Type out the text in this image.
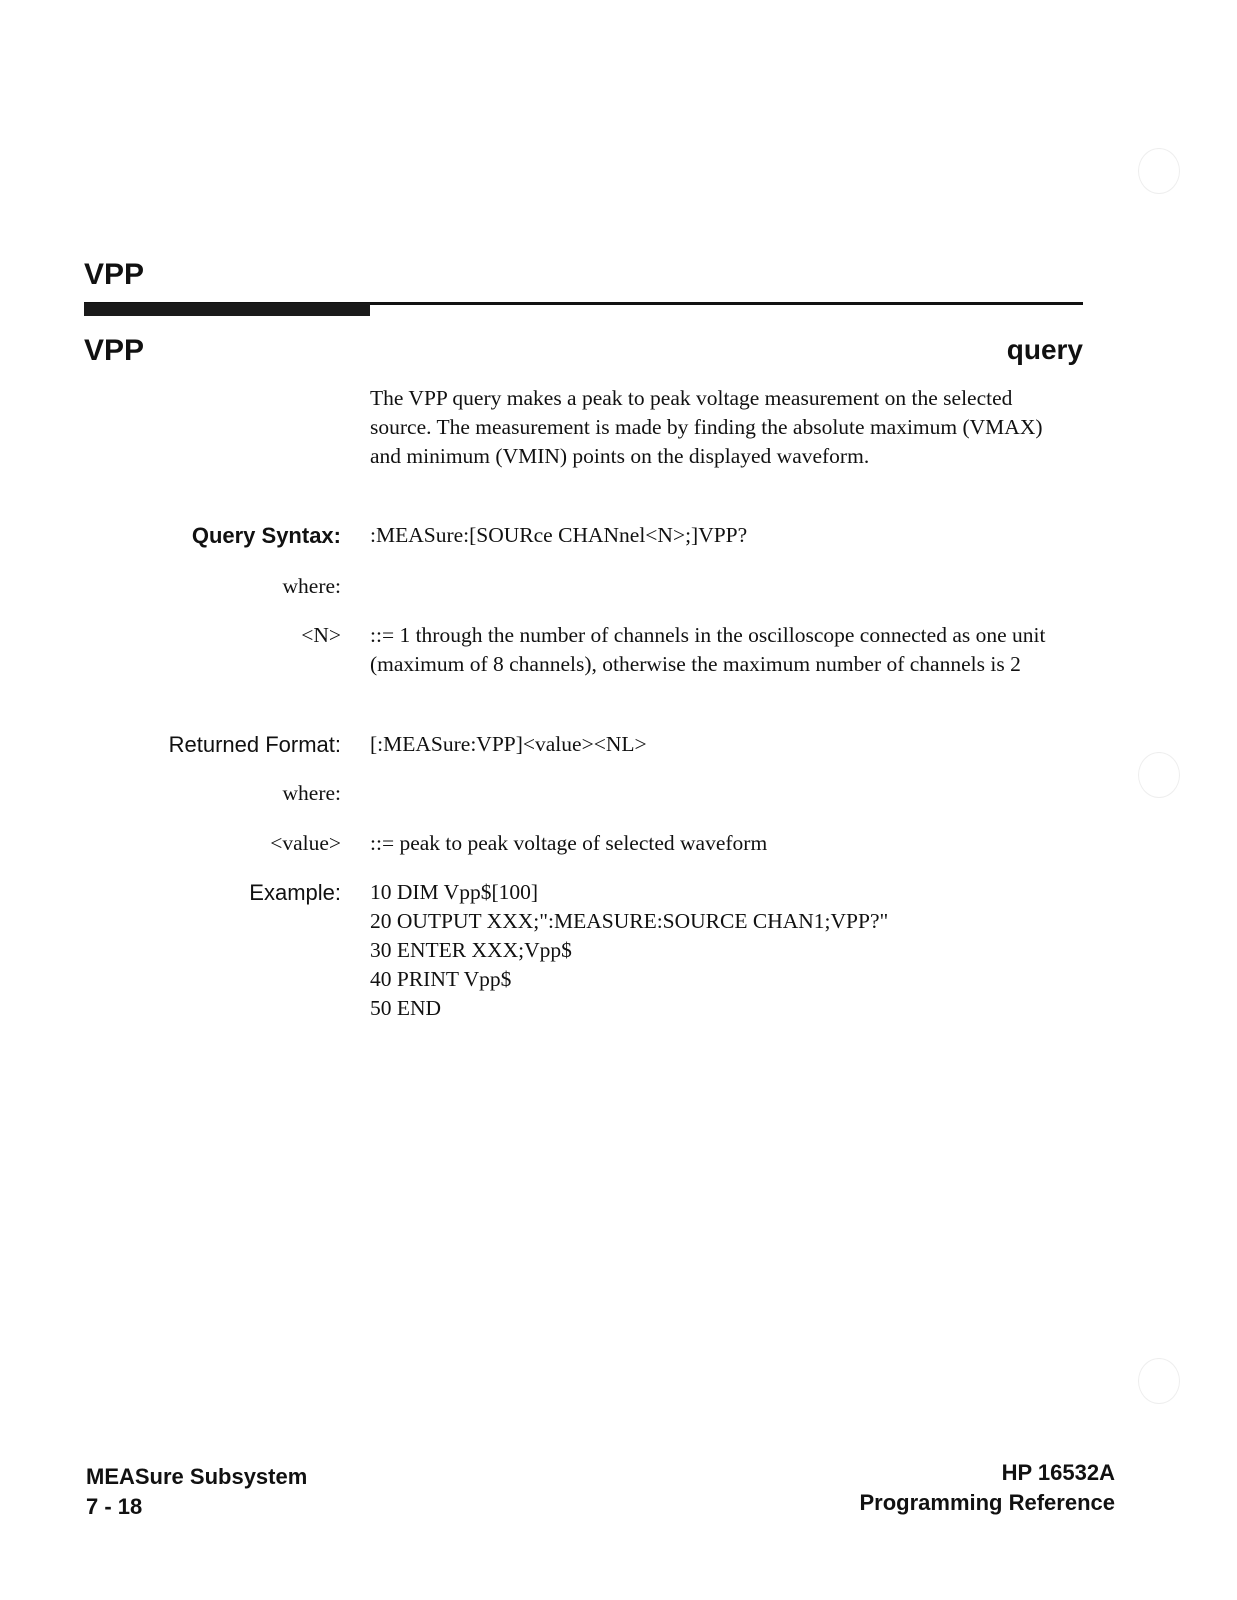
VPP
VPP	query
The VPP query makes a peak to peak voltage measurement on the selected source. The measurement is made by finding the absolute maximum (VMAX) and minimum (VMIN) points on the displayed waveform.
Query Syntax: :MEASure:[SOURce CHANnel<N>;]VPP?
where:
<N> ::= 1 through the number of channels in the oscilloscope connected as one unit (maximum of 8 channels), otherwise the maximum number of channels is 2
Returned Format: [:MEASure:VPP]<value><NL>
where:
<value> ::= peak to peak voltage of selected waveform
Example: 10 DIM Vpp$[100]
20 OUTPUT XXX;":MEASURE:SOURCE CHAN1;VPP?"
30 ENTER XXX;Vpp$
40 PRINT Vpp$
50 END
MEASure Subsystem
7 - 18
HP 16532A
Programming Reference
